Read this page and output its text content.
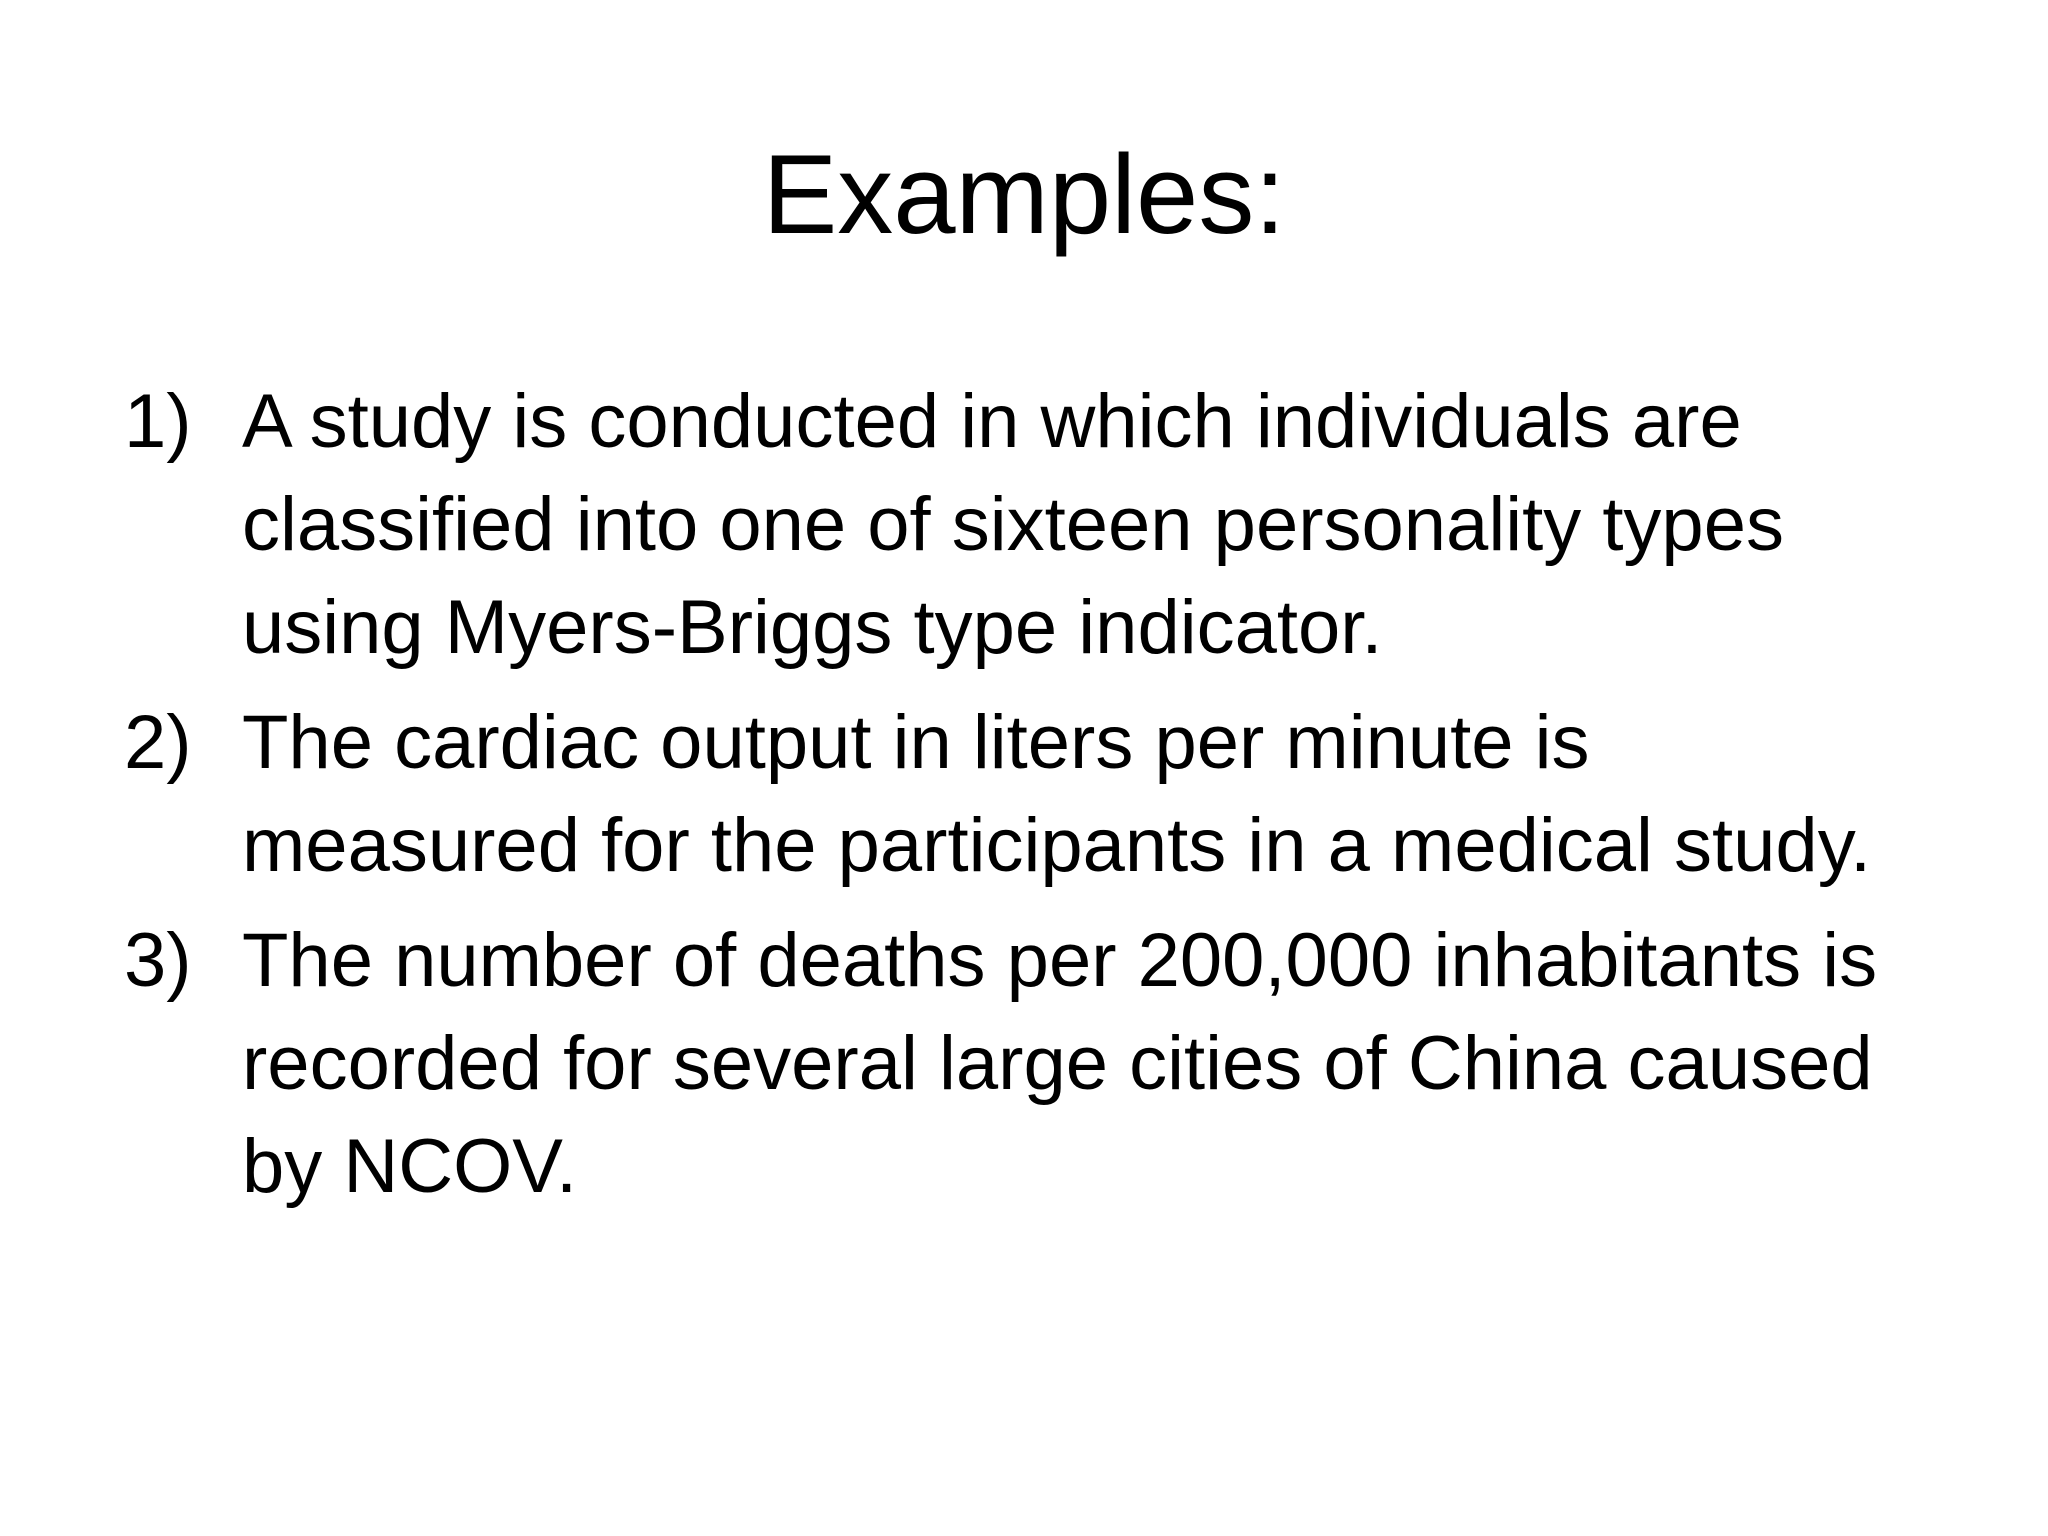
Examples:
1) A study is conducted in which individuals are classified into one of sixteen personality types using Myers-Briggs type indicator.
2) The cardiac output in liters per minute is measured for the participants in a medical study.
3) The number of deaths per 200,000 inhabitants is recorded for several large cities of China caused by NCOV.
